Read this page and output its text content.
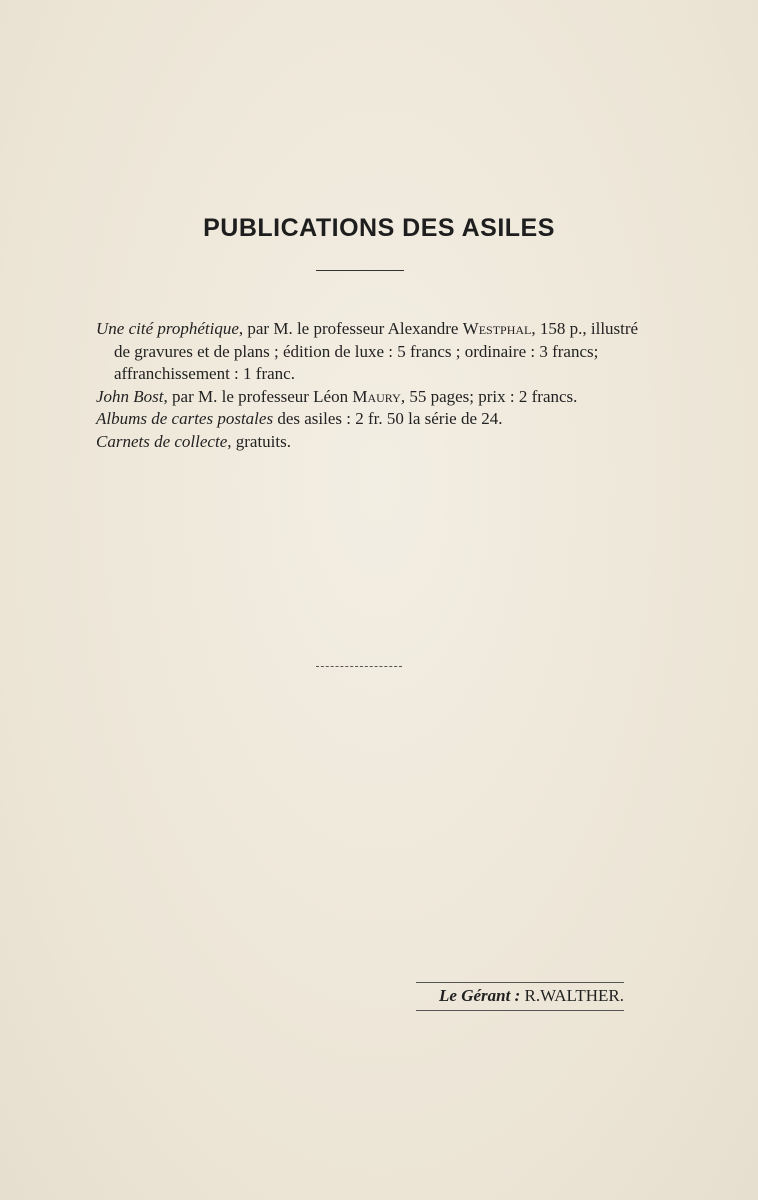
PUBLICATIONS DES ASILES

Une cité prophétique, par M. le professeur Alexandre Westphal, 158 p., illustré de gravures et de plans ; édition de luxe : 5 francs ; ordinaire : 3 francs; affranchissement : 1 franc.

John Bost, par M. le professeur Léon Maury, 55 pages; prix : 2 francs.

Albums de cartes postales des asiles : 2 fr. 50 la série de 24.

Carnets de collecte, gratuits.

Le Gérant : R.WALTHER.
